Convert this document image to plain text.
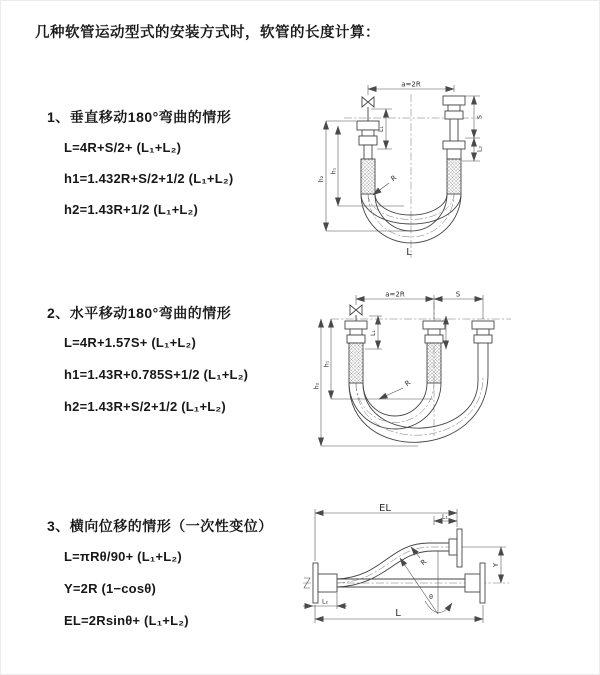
几种软管运动型式的安装方式时，软管的长度计算：
1、垂直移动180°弯曲的情形
L=4R+S/2+ (L₁+L₂)
h1=1.432R+S/2+1/2 (L₁+L₂)
h2=1.43R+1/2 (L₁+L₂)
2、水平移动180°弯曲的情形
L=4R+1.57S+ (L₁+L₂)
h1=1.43R+0.785S+1/2 (L₁+L₂)
h2=1.43R+S/2+1/2 (L₁+L₂)
3、横向位移的情形（一次性变位）
L=πRθ/90+ (L₁+L₂)
Y=2R (1−cosθ)
EL=2Rsinθ+ (L₁+L₂)
a=2R
h₂
h₁
L₁
S
L₂
R
L
a=2R	S
h₂
h₁
L₁
R
θ
EL
L₁
Y
L
L₂
R
